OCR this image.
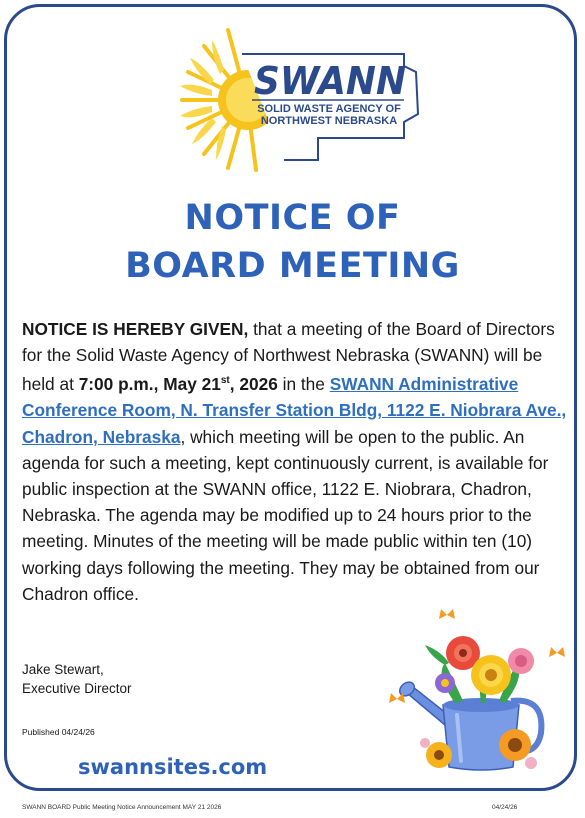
SWANN
SOLID WASTE AGENCY OF
NORTHWEST NEBRASKA
NOTICE OF
BOARD MEETING
NOTICE IS HEREBY GIVEN, that a meeting of the Board of Directors for the Solid Waste Agency of Northwest Nebraska (SWANN) will be held at 7:00 p.m., May 21st, 2026 in the SWANN Administrative Conference Room, N. Transfer Station Bldg, 1122 E. Niobrara Ave., Chadron, Nebraska, which meeting will be open to the public. An agenda for such a meeting, kept continuously current, is available for public inspection at the SWANN office, 1122 E. Niobrara, Chadron, Nebraska. The agenda may be modified up to 24 hours prior to the meeting. Minutes of the meeting will be made public within ten (10) working days following the meeting. They may be obtained from our Chadron office.
Jake Stewart,
Executive Director
Published 04/24/26
swannsites.com
SWANN BOARD Public Meeting Notice Announcement MAY 21 2026	04/24/26
